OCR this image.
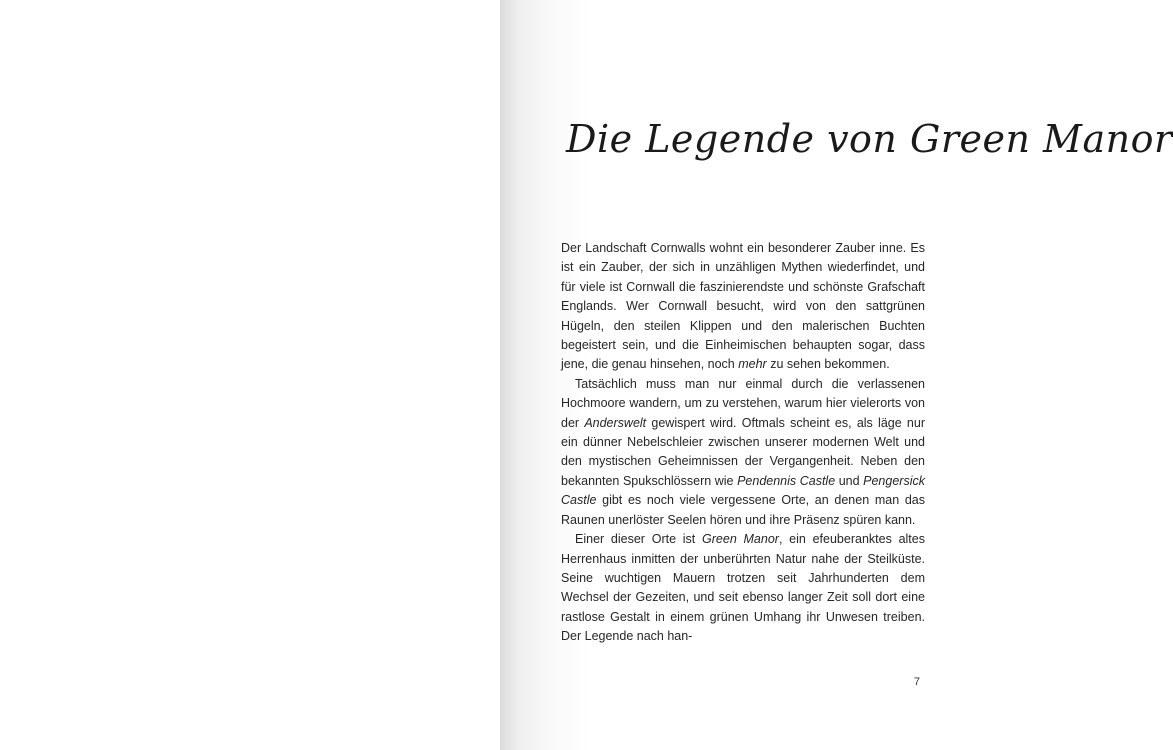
Die Legende von Green Manor

Der Landschaft Cornwalls wohnt ein besonderer Zauber inne. Es ist ein Zauber, der sich in unzähligen Mythen wiederfindet, und für viele ist Cornwall die faszinierendste und schönste Grafschaft Englands. Wer Cornwall besucht, wird von den sattgrünen Hügeln, den steilen Klippen und den malerischen Buchten begeistert sein, und die Einheimischen behaupten sogar, dass jene, die genau hinsehen, noch mehr zu sehen bekommen.

Tatsächlich muss man nur einmal durch die verlassenen Hochmoore wandern, um zu verstehen, warum hier vielerorts von der Anderswelt gewispert wird. Oftmals scheint es, als läge nur ein dünner Nebelschleier zwischen unserer modernen Welt und den mystischen Geheimnissen der Vergangenheit. Neben den bekannten Spukschlössern wie Pendennis Castle und Pengersick Castle gibt es noch viele vergessene Orte, an denen man das Raunen unerlöster Seelen hören und ihre Präsenz spüren kann.

Einer dieser Orte ist Green Manor, ein efeuberanktes altes Herrenhaus inmitten der unberührten Natur nahe der Steilküste. Seine wuchtigen Mauern trotzen seit Jahrhunderten dem Wechsel der Gezeiten, und seit ebenso langer Zeit soll dort eine rastlose Gestalt in einem grünen Umhang ihr Unwesen treiben. Der Legende nach han-

7
